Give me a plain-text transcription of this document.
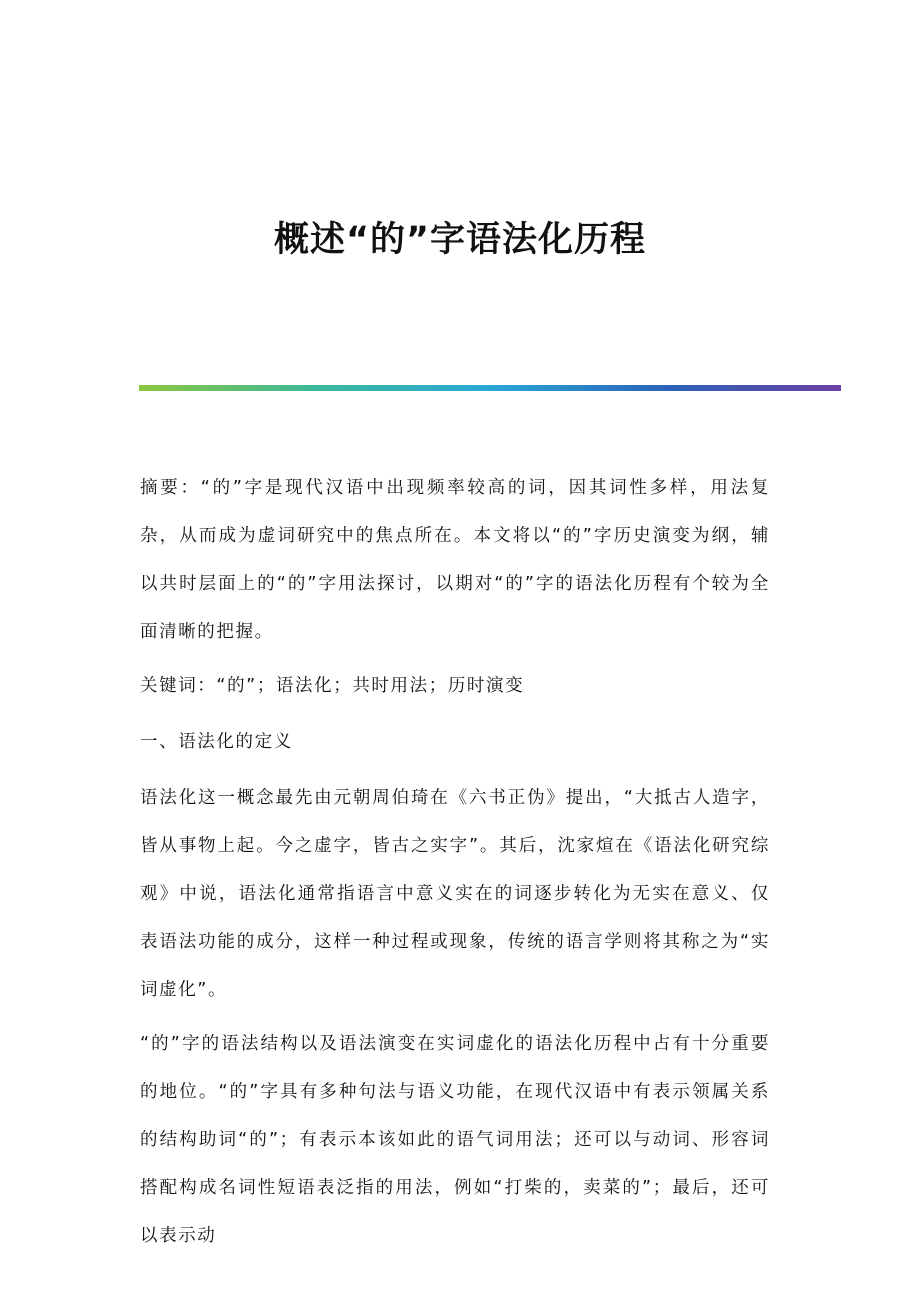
概述“的”字语法化历程

摘要：“的”字是现代汉语中出现频率较高的词，因其词性多样，用法复杂，从而成为虚词研究中的焦点所在。本文将以“的”字历史演变为纲，辅以共时层面上的“的”字用法探讨，以期对“的”字的语法化历程有个较为全面清晰的把握。

关键词：“的”；语法化；共时用法；历时演变

一、语法化的定义

语法化这一概念最先由元朝周伯琦在《六书正伪》提出，“大抵古人造字，皆从事物上起。今之虚字，皆古之实字”。其后，沈家煊在《语法化研究综观》中说，语法化通常指语言中意义实在的词逐步转化为无实在意义、仅表语法功能的成分，这样一种过程或现象，传统的语言学则将其称之为“实词虚化”。

“的”字的语法结构以及语法演变在实词虚化的语法化历程中占有十分重要的地位。“的”字具有多种句法与语义功能，在现代汉语中有表示领属关系的结构助词“的”；有表示本该如此的语气词用法；还可以与动词、形容词搭配构成名词性短语表泛指的用法，例如“打柴的，卖菜的”；最后，还可以表示动
